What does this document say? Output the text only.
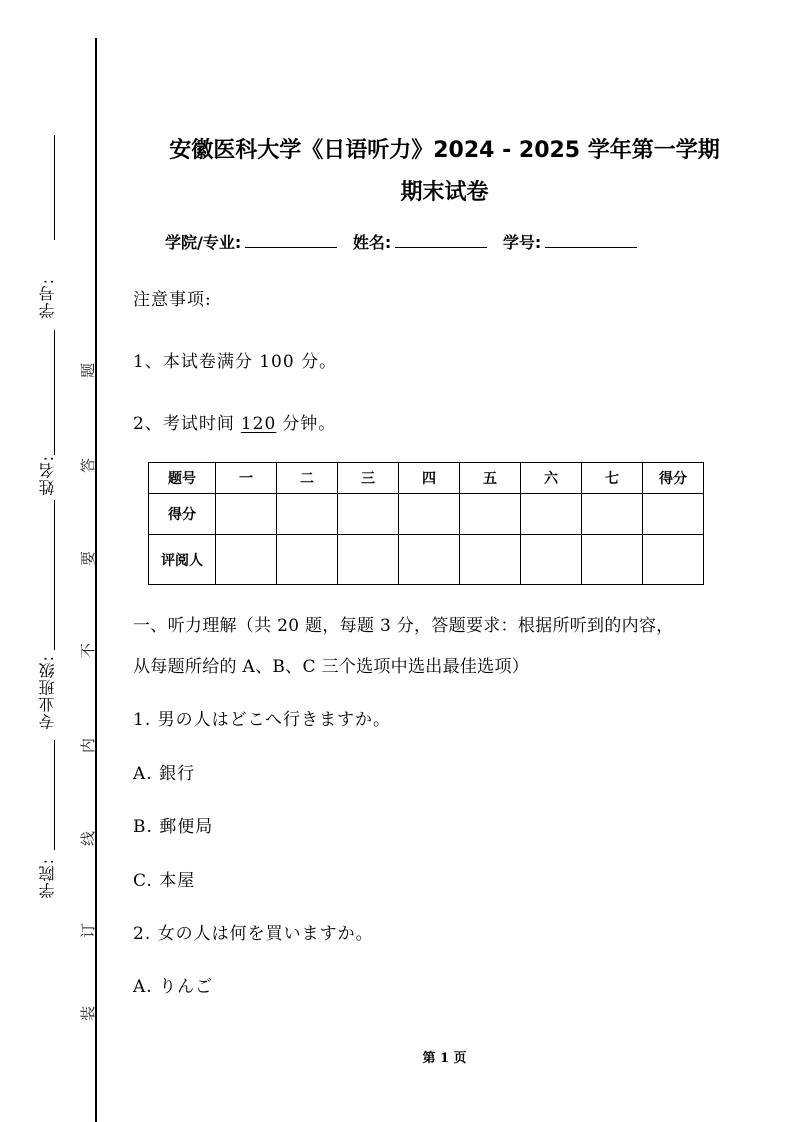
学号:
姓名:
专业班级:
学院:
题
答
要
不
内
线
订
装
安徽医科大学《日语听力》2024 - 2025 学年第一学期
期末试卷
学院/专业:	姓名:	学号:
注意事项:
1、本试卷满分 100 分。
2、考试时间 120 分钟。
题号	一	二	三	四	五	六	七	得分
得分								
评阅人								
一、听力理解（共 20 题，每题 3 分，答题要求：根据所听到的内容，
从每题所给的 A、B、C 三个选项中选出最佳选项）
1. 男の人はどこへ行きますか。
A. 銀行
B. 郵便局
C. 本屋
2. 女の人は何を買いますか。
A. りんご
第 1 页
